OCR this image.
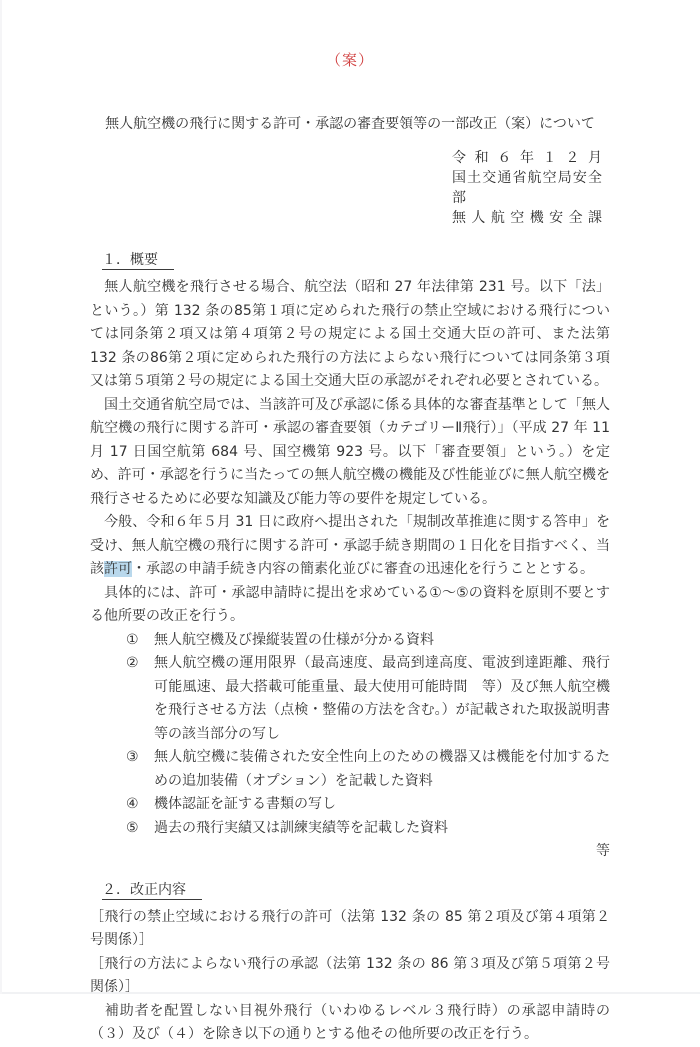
（案）
無人航空機の飛行に関する許可・承認の審査要領等の一部改正（案）について
令和６年１２月
国土交通省航空局安全部
無人航空機安全課
１．概要

　無人航空機を飛行させる場合、航空法（昭和 27 年法律第 231 号。以下「法」 という。）第 132 条の85第１項に定められた飛行の禁止空域における飛行については同条第２項又は第４項第２号の規定による国土交通大臣の許可、また法第 132 条の86第２項に定められた飛行の方法によらない飛行については同条第３項又は第５項第２号の規定による国土交通大臣の承認がそれぞれ必要とされている。

　国土交通省航空局では、当該許可及び承認に係る具体的な審査基準として「無人航空機の飛行に関する許可・承認の審査要領（カテゴリーⅡ飛行）」（平成 27 年 11 月 17 日国空航第 684 号、国空機第 923 号。以下「審査要領」という。）を定め、許可・承認を行うに当たっての無人航空機の機能及び性能並びに無人航空機を飛行させるために必要な知識及び能力等の要件を規定している。

　今般、令和６年５月 31 日に政府へ提出された「規制改革推進に関する答申」を受け、無人航空機の飛行に関する許可・承認手続き期間の１日化を目指すべく、当該許可・承認の申請手続き内容の簡素化並びに審査の迅速化を行うこととする。

　具体的には、許可・承認申請時に提出を求めている①～⑤の資料を原則不要とする他所要の改正を行う。

①	無人航空機及び操縦装置の仕様が分かる資料
②	無人航空機の運用限界（最高速度、最高到達高度、電波到達距離、飛行可能風速、最大搭載可能重量、最大使用可能時間　等）及び無人航空機を飛行させる方法（点検・整備の方法を含む。）が記載された取扱説明書等の該当部分の写し
③	無人航空機に装備された安全性向上のための機器又は機能を付加するための追加装備（オプション）を記載した資料
④	機体認証を証する書類の写し
⑤	過去の飛行実績又は訓練実績等を記載した資料
等
２．改正内容

［飛行の禁止空域における飛行の許可（法第 132 条の 85 第２項及び第４項第２号関係）］

［飛行の方法によらない飛行の承認（法第 132 条の 86 第３項及び第５項第２号関係）］

　補助者を配置しない目視外飛行（いわゆるレベル３飛行時）の承認申請時の（３）及び（４）を除き以下の通りとする他その他所要の改正を行う。
